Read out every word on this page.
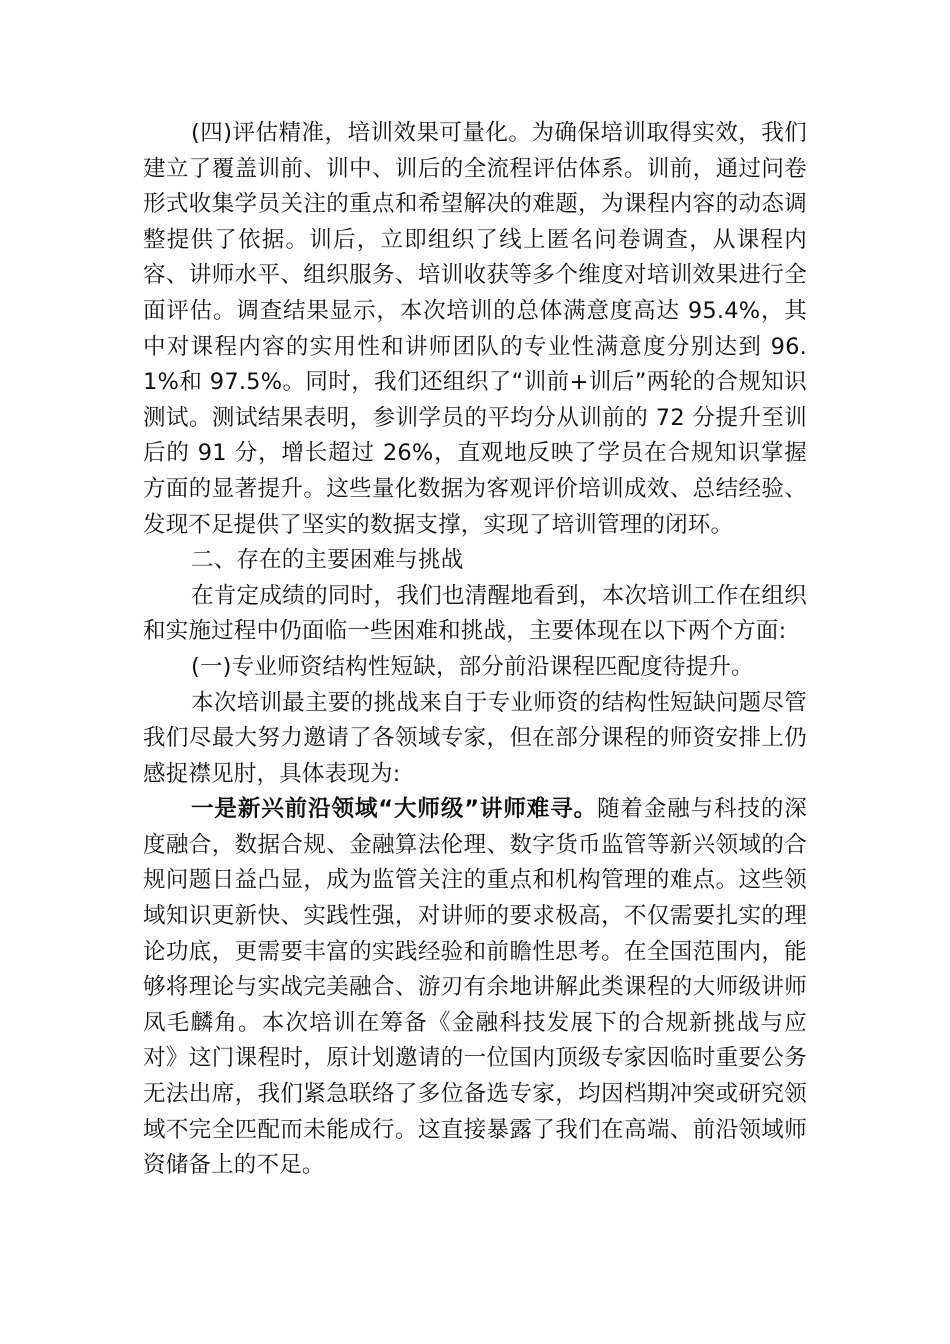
(四)评估精准，培训效果可量化。为确保培训取得实效，我们建立了覆盖训前、训中、训后的全流程评估体系。训前，通过问卷形式收集学员关注的重点和希望解决的难题，为课程内容的动态调整提供了依据。训后，立即组织了线上匿名问卷调查，从课程内容、讲师水平、组织服务、培训收获等多个维度对培训效果进行全面评估。调查结果显示，本次培训的总体满意度高达 95.4%，其中对课程内容的实用性和讲师团队的专业性满意度分别达到 96.1%和 97.5%。同时，我们还组织了“训前+训后”两轮的合规知识测试。测试结果表明，参训学员的平均分从训前的 72 分提升至训后的 91 分，增长超过 26%，直观地反映了学员在合规知识掌握方面的显著提升。这些量化数据为客观评价培训成效、总结经验、发现不足提供了坚实的数据支撑，实现了培训管理的闭环。

二、存在的主要困难与挑战

在肯定成绩的同时，我们也清醒地看到，本次培训工作在组织和实施过程中仍面临一些困难和挑战，主要体现在以下两个方面:

(一)专业师资结构性短缺，部分前沿课程匹配度待提升。

本次培训最主要的挑战来自于专业师资的结构性短缺问题尽管我们尽最大努力邀请了各领域专家，但在部分课程的师资安排上仍感捉襟见肘，具体表现为:

一是新兴前沿领域“大师级”讲师难寻。随着金融与科技的深度融合，数据合规、金融算法伦理、数字货币监管等新兴领域的合规问题日益凸显，成为监管关注的重点和机构管理的难点。这些领域知识更新快、实践性强，对讲师的要求极高，不仅需要扎实的理论功底，更需要丰富的实践经验和前瞻性思考。在全国范围内，能够将理论与实战完美融合、游刃有余地讲解此类课程的大师级讲师凤毛麟角。本次培训在筹备《金融科技发展下的合规新挑战与应对》这门课程时，原计划邀请的一位国内顶级专家因临时重要公务无法出席，我们紧急联络了多位备选专家，均因档期冲突或研究领域不完全匹配而未能成行。这直接暴露了我们在高端、前沿领域师资储备上的不足。
